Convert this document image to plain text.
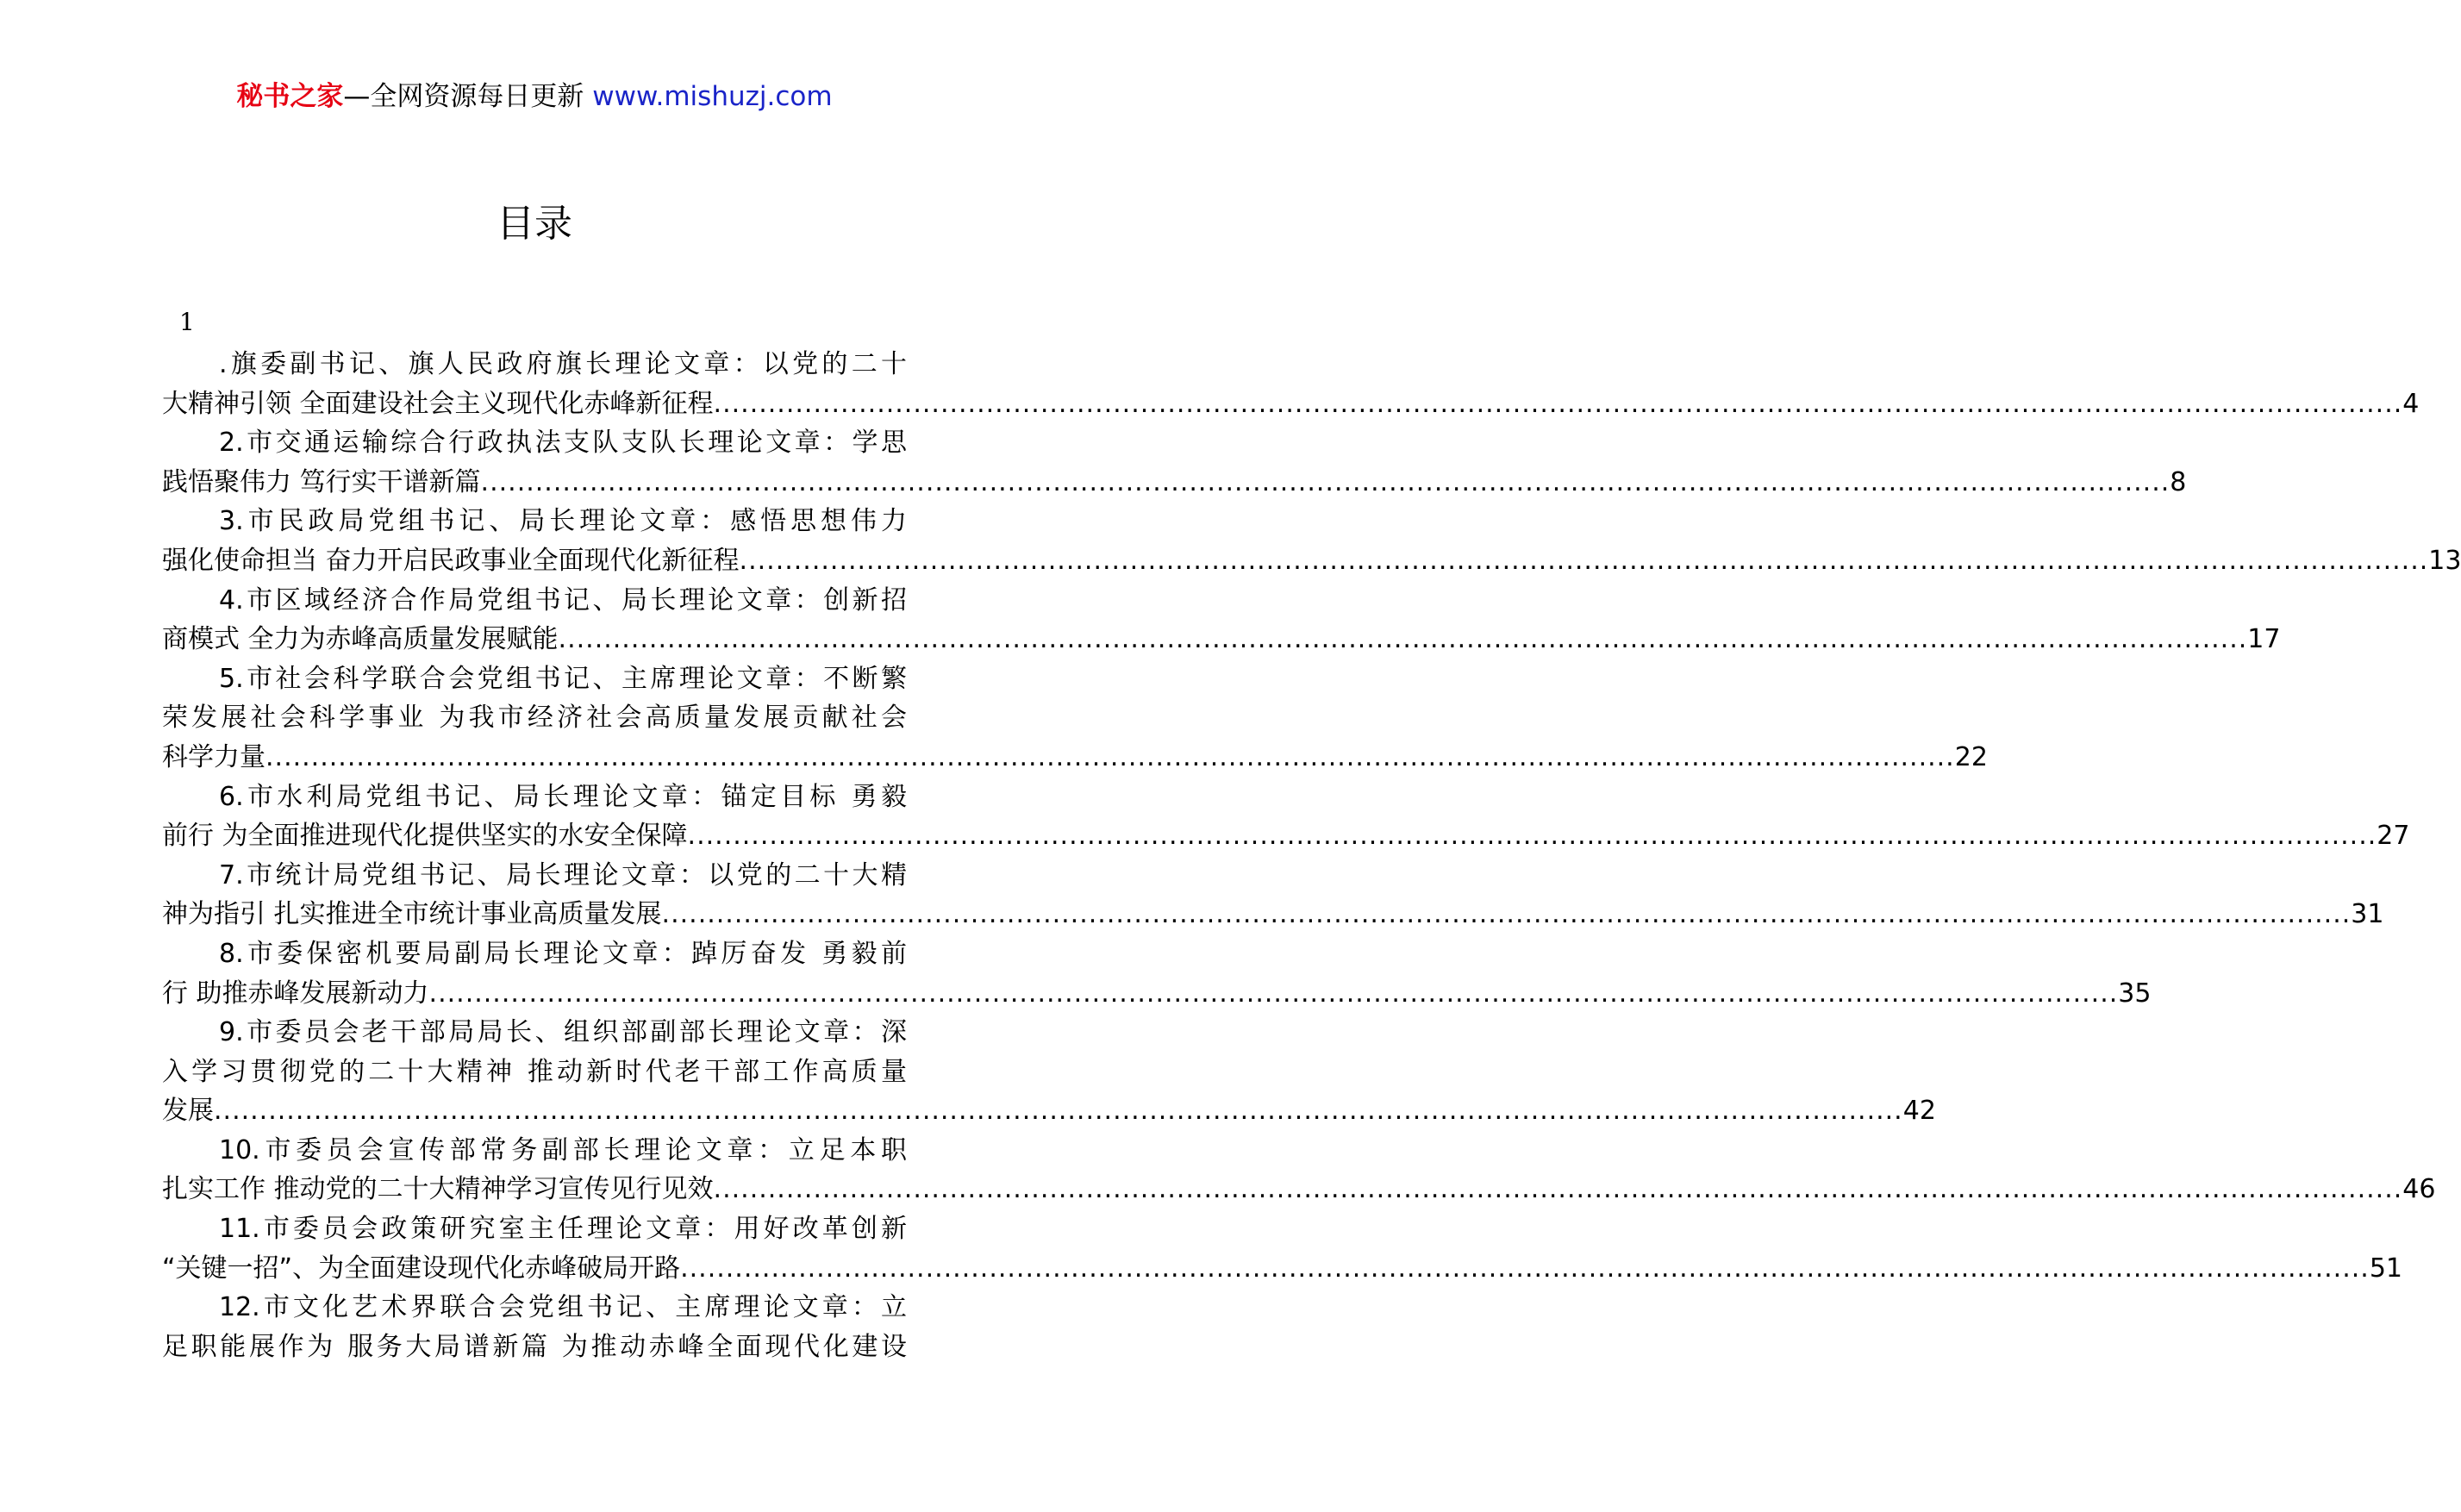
秘书之家—全网资源每日更新 www.mishuzj.com
目录
1
.旗委副书记、旗人民政府旗长理论文章：以党的二十
大精神引领 全面建设社会主义现代化赤峰新征程 .......................................................................................................................................................................................... 4
2.市交通运输综合行政执法支队支队长理论文章：学思
践悟聚伟力 笃行实干谱新篇 .......................................................................................................................................................................................... 8
3.市民政局党组书记、局长理论文章：感悟思想伟力
强化使命担当 奋力开启民政事业全面现代化新征程 .......................................................................................................................................................................................... 13
4.市区域经济合作局党组书记、局长理论文章：创新招
商模式 全力为赤峰高质量发展赋能 .......................................................................................................................................................................................... 17
5.市社会科学联合会党组书记、主席理论文章：不断繁
荣发展社会科学事业 为我市经济社会高质量发展贡献社会
科学力量 .......................................................................................................................................................................................... 22
6.市水利局党组书记、局长理论文章：锚定目标 勇毅
前行 为全面推进现代化提供坚实的水安全保障 .......................................................................................................................................................................................... 27
7.市统计局党组书记、局长理论文章：以党的二十大精
神为指引 扎实推进全市统计事业高质量发展 .......................................................................................................................................................................................... 31
8.市委保密机要局副局长理论文章：踔厉奋发 勇毅前
行 助推赤峰发展新动力 .......................................................................................................................................................................................... 35
9.市委员会老干部局局长、组织部副部长理论文章：深
入学习贯彻党的二十大精神 推动新时代老干部工作高质量
发展 .......................................................................................................................................................................................... 42
10.市委员会宣传部常务副部长理论文章：立足本职
扎实工作 推动党的二十大精神学习宣传见行见效 .......................................................................................................................................................................................... 46
11.市委员会政策研究室主任理论文章：用好改革创新
“关键一招”、为全面建设现代化赤峰破局开路 .......................................................................................................................................................................................... 51
12.市文化艺术界联合会党组书记、主席理论文章：立
足职能展作为 服务大局谱新篇 为推动赤峰全面现代化建设
